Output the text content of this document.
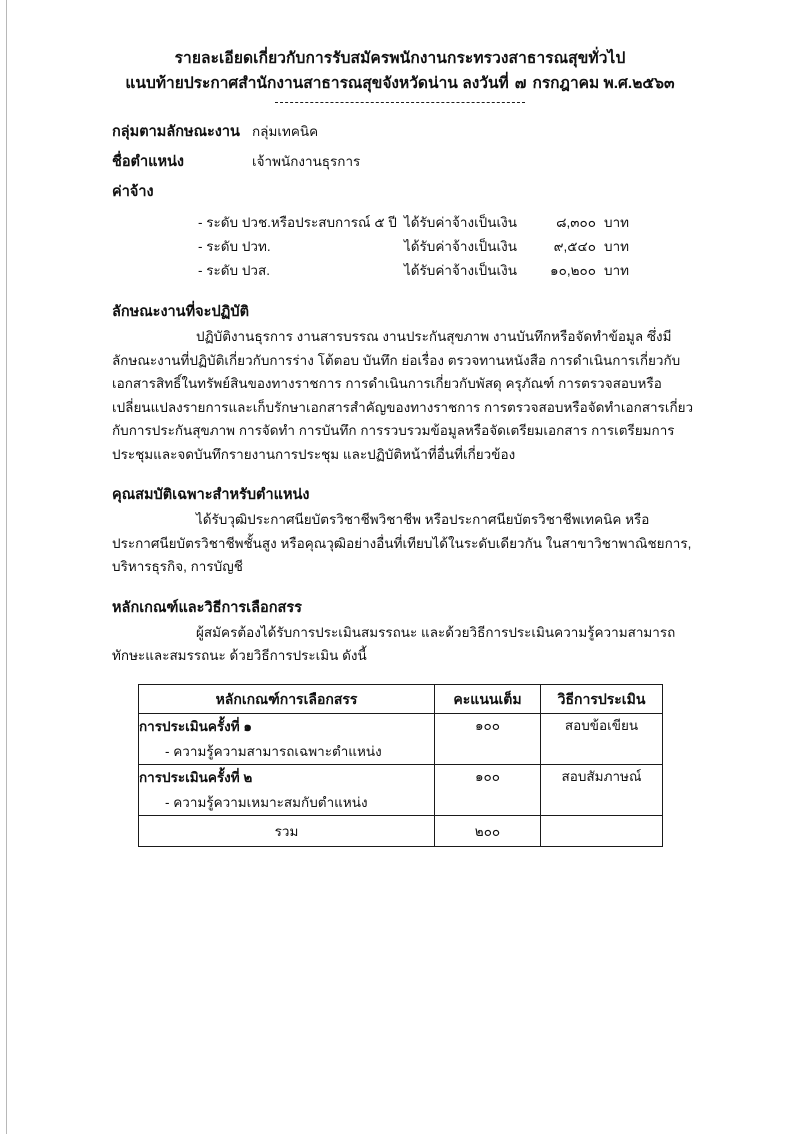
รายละเอียดเกี่ยวกับการรับสมัครพนักงานกระทรวงสาธารณสุขทั่วไป
แนบท้ายประกาศสำนักงานสาธารณสุขจังหวัดน่าน ลงวันที่ ๗ กรกฎาคม พ.ศ.๒๕๖๓
กลุ่มตามลักษณะงาน กลุ่มเทคนิค
ชื่อตำแหน่ง	เจ้าพนักงานธุรการ
ค่าจ้าง
- ระดับ ปวช.หรือประสบการณ์ ๕ ปี ได้รับค่าจ้างเป็นเงิน	๘,๓๐๐ บาท
- ระดับ ปวท.	ได้รับค่าจ้างเป็นเงิน	๙,๕๔๐ บาท
- ระดับ ปวส.	ได้รับค่าจ้างเป็นเงิน	๑๐,๒๐๐ บาท
ลักษณะงานที่จะปฏิบัติ

ปฏิบัติงานธุรการ งานสารบรรณ งานประกันสุขภาพ งานบันทึกหรือจัดทำข้อมูล ซึ่งมีลักษณะงานที่ปฏิบัติเกี่ยวกับการร่าง โต้ตอบ บันทึก ย่อเรื่อง ตรวจทานหนังสือ การดำเนินการเกี่ยวกับเอกสารสิทธิ์ในทรัพย์สินของทางราชการ การดำเนินการเกี่ยวกับพัสดุ ครุภัณฑ์ การตรวจสอบหรือเปลี่ยนแปลงรายการและเก็บรักษาเอกสารสำคัญของทางราชการ การตรวจสอบหรือจัดทำเอกสารเกี่ยวกับการประกันสุขภาพ การจัดทำ การบันทึก การรวบรวมข้อมูลหรือจัดเตรียมเอกสาร การเตรียมการประชุมและจดบันทึกรายงานการประชุม และปฏิบัติหน้าที่อื่นที่เกี่ยวข้อง

คุณสมบัติเฉพาะสำหรับตำแหน่ง

ได้รับวุฒิประกาศนียบัตรวิชาชีพวิชาชีพ หรือประกาศนียบัตรวิชาชีพเทคนิค หรือประกาศนียบัตรวิชาชีพชั้นสูง หรือคุณวุฒิอย่างอื่นที่เทียบได้ในระดับเดียวกัน ในสาขาวิชาพาณิชยการ, บริหารธุรกิจ, การบัญชี

หลักเกณฑ์และวิธีการเลือกสรร

ผู้สมัครต้องได้รับการประเมินสมรรถนะ และด้วยวิธีการประเมินความรู้ความสามารถ ทักษะและสมรรถนะ ด้วยวิธีการประเมิน ดังนี้

หลักเกณฑ์การเลือกสรร	คะแนนเต็ม	วิธีการประเมิน

การประเมินครั้งที่ ๑
- ความรู้ความสามารถเฉพาะตำแหน่ง	๑๐๐	สอบข้อเขียน

การประเมินครั้งที่ ๒
- ความรู้ความเหมาะสมกับตำแหน่ง	๑๐๐	สอบสัมภาษณ์
รวม	๒๐๐	
